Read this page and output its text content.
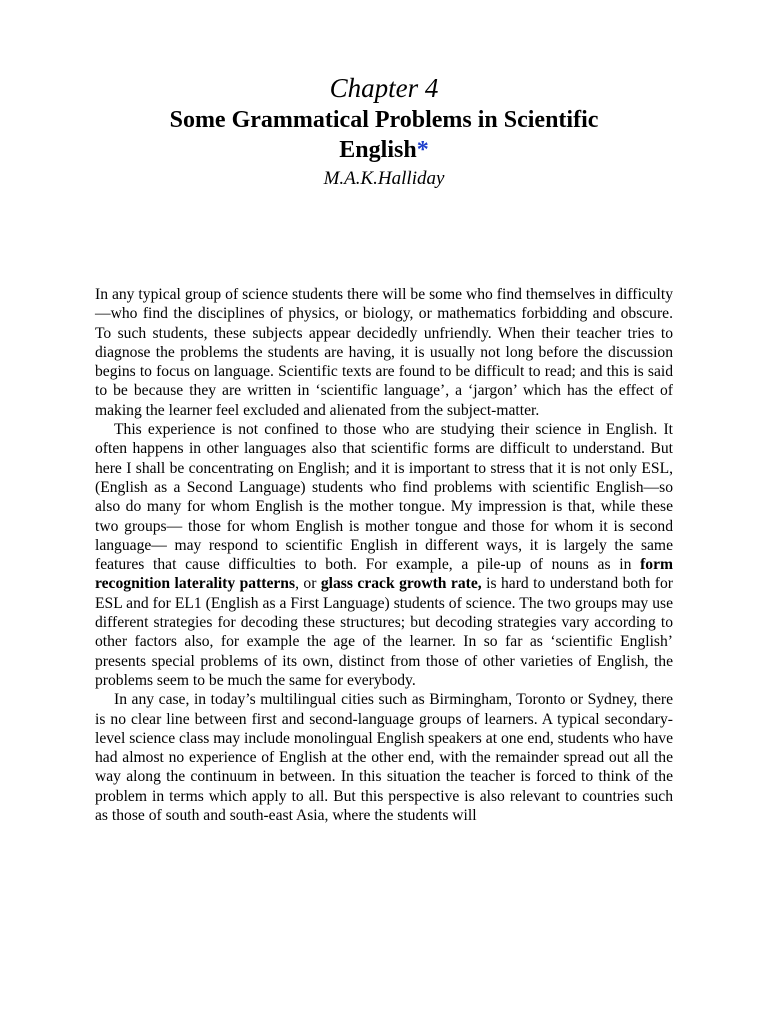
Chapter 4
Some Grammatical Problems in Scientific
English*
M.A.K.Halliday

In any typical group of science students there will be some who find themselves in difficulty—who find the disciplines of physics, or biology, or mathematics forbidding and obscure. To such students, these subjects appear decidedly unfriendly. When their teacher tries to diagnose the problems the students are having, it is usually not long before the discussion begins to focus on language. Scientific texts are found to be difficult to read; and this is said to be because they are written in ‘scientific language’, a ‘jargon’ which has the effect of making the learner feel excluded and alienated from the subject-matter.

This experience is not confined to those who are studying their science in English. It often happens in other languages also that scientific forms are difficult to understand. But here I shall be concentrating on English; and it is important to stress that it is not only ESL, (English as a Second Language) students who find problems with scientific English—so also do many for whom English is the mother tongue. My impression is that, while these two groups— those for whom English is mother tongue and those for whom it is second language— may respond to scientific English in different ways, it is largely the same features that cause difficulties to both. For example, a pile-up of nouns as in form recognition laterality patterns, or glass crack growth rate, is hard to understand both for ESL and for EL1 (English as a First Language) students of science. The two groups may use different strategies for decoding these structures; but decoding strategies vary according to other factors also, for example the age of the learner. In so far as ‘scientific English’ presents special problems of its own, distinct from those of other varieties of English, the problems seem to be much the same for everybody.

In any case, in today’s multilingual cities such as Birmingham, Toronto or Sydney, there is no clear line between first and second-language groups of learners. A typical secondary-level science class may include monolingual English speakers at one end, students who have had almost no experience of English at the other end, with the remainder spread out all the way along the continuum in between. In this situation the teacher is forced to think of the problem in terms which apply to all. But this perspective is also relevant to countries such as those of south and south-east Asia, where the students will
